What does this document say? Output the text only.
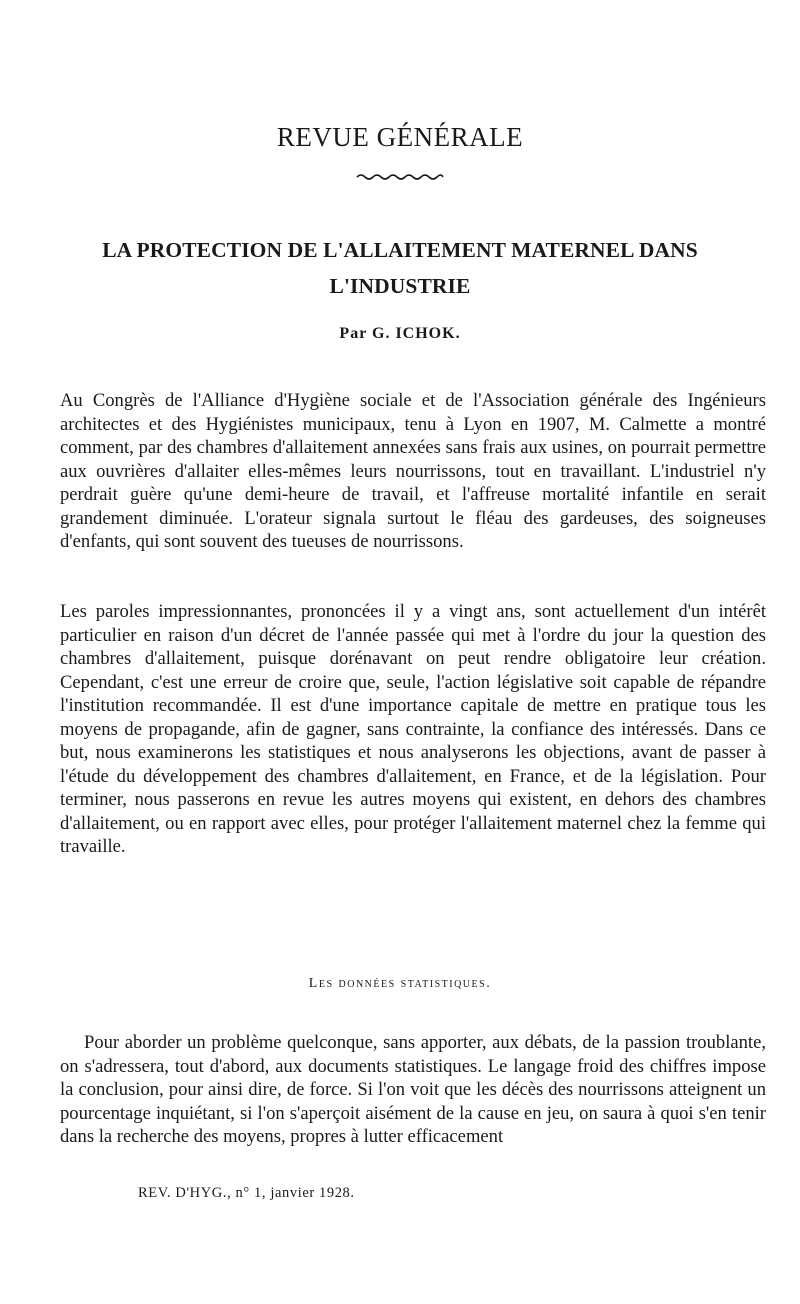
REVUE GÉNÉRALE
LA PROTECTION DE L'ALLAITEMENT MATERNEL DANS L'INDUSTRIE

Par G. ICHOK.

Au Congrès de l'Alliance d'Hygiène sociale et de l'Association générale des Ingénieurs architectes et des Hygiénistes municipaux, tenu à Lyon en 1907, M. Calmette a montré comment, par des chambres d'allaitement annexées sans frais aux usines, on pourrait permettre aux ouvrières d'allaiter elles-mêmes leurs nourrissons, tout en travaillant. L'industriel n'y perdrait guère qu'une demi-heure de travail, et l'affreuse mortalité infantile en serait grandement diminuée. L'orateur signala surtout le fléau des gardeuses, des soigneuses d'enfants, qui sont souvent des tueuses de nourrissons.

Les paroles impressionnantes, prononcées il y a vingt ans, sont actuellement d'un intérêt particulier en raison d'un décret de l'année passée qui met à l'ordre du jour la question des chambres d'allaitement, puisque dorénavant on peut rendre obligatoire leur création. Cependant, c'est une erreur de croire que, seule, l'action législative soit capable de répandre l'institution recommandée. Il est d'une importance capitale de mettre en pratique tous les moyens de propagande, afin de gagner, sans contrainte, la confiance des intéressés. Dans ce but, nous examinerons les statistiques et nous analyserons les objections, avant de passer à l'étude du développement des chambres d'allaitement, en France, et de la législation. Pour terminer, nous passerons en revue les autres moyens qui existent, en dehors des chambres d'allaitement, ou en rapport avec elles, pour protéger l'allaitement maternel chez la femme qui travaille.

Les données statistiques.

Pour aborder un problème quelconque, sans apporter, aux débats, de la passion troublante, on s'adressera, tout d'abord, aux documents statistiques. Le langage froid des chiffres impose la conclusion, pour ainsi dire, de force. Si l'on voit que les décès des nourrissons atteignent un pourcentage inquiétant, si l'on s'aperçoit aisément de la cause en jeu, on saura à quoi s'en tenir dans la recherche des moyens, propres à lutter efficacement

REV. D'HYG., n° 1, janvier 1928.
